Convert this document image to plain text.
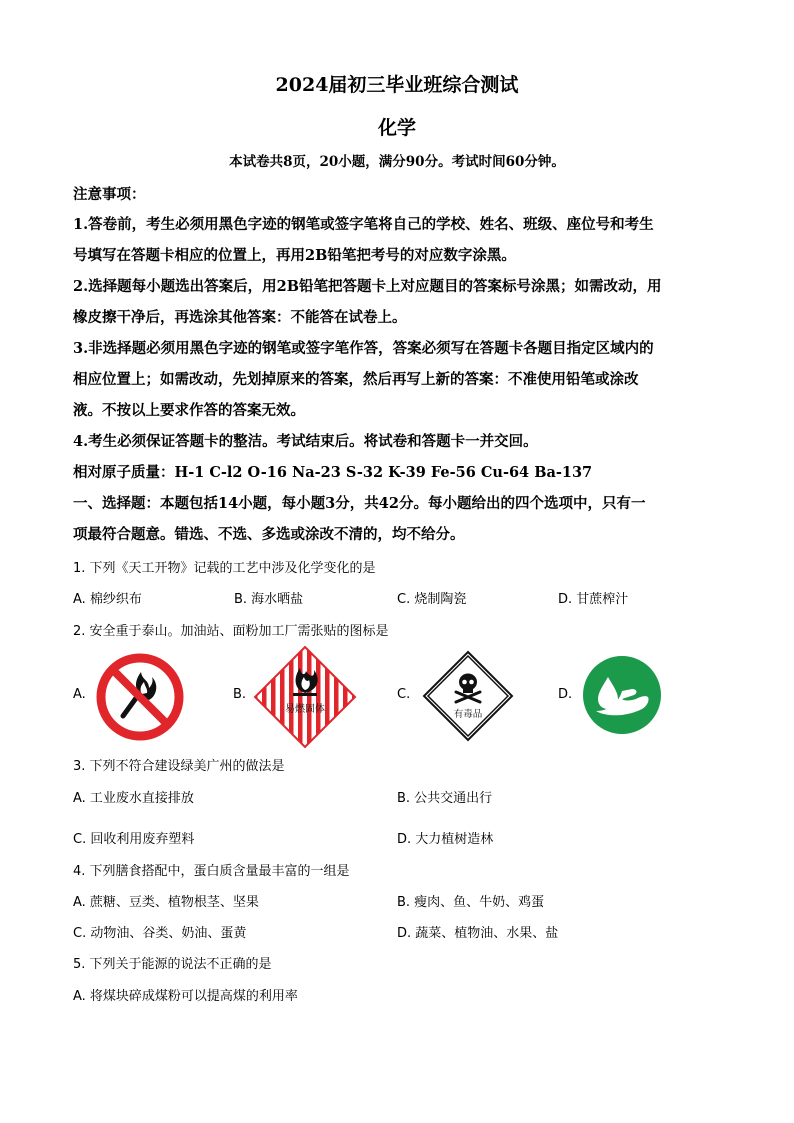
2024届初三毕业班综合测试
化学
本试卷共8页，20小题，满分90分。考试时间60分钟。
注意事项：
1.答卷前，考生必须用黑色字迹的钢笔或签字笔将自己的学校、姓名、班级、座位号和考生
号填写在答题卡相应的位置上，再用2B铅笔把考号的对应数字涂黑。
2.选择题每小题选出答案后，用2B铅笔把答题卡上对应题目的答案标号涂黑；如需改动，用
橡皮擦干净后，再选涂其他答案：不能答在试卷上。
3.非选择题必须用黑色字迹的钢笔或签字笔作答，答案必须写在答题卡各题目指定区域内的
相应位置上；如需改动，先划掉原来的答案，然后再写上新的答案：不准使用铅笔或涂改
液。不按以上要求作答的答案无效。
4.考生必须保证答题卡的整洁。考试结束后。将试卷和答题卡一并交回。
相对原子质量：H-1 C-l2 O-16 Na-23 S-32 K-39 Fe-56 Cu-64 Ba-137
一、选择题：本题包括14小题，每小题3分，共42分。每小题给出的四个选项中，只有一
项最符合题意。错选、不选、多选或涂改不清的，均不给分。
1. 下列《天工开物》记载的工艺中涉及化学变化的是
A. 棉纱织布	B. 海水晒盐	C. 烧制陶瓷	D. 甘蔗榨汁
2. 安全重于泰山。加油站、面粉加工厂需张贴的图标是
A.	B.
易燃固体
C.
有毒品
D.
3. 下列不符合建设绿美广州的做法是
A. 工业废水直接排放	B. 公共交通出行
C. 回收利用废弃塑料	D. 大力植树造林
4. 下列膳食搭配中，蛋白质含量最丰富的一组是
A. 蔗糖、豆类、植物根茎、坚果	B. 瘦肉、鱼、牛奶、鸡蛋
C. 动物油、谷类、奶油、蛋黄	D. 蔬菜、植物油、水果、盐
5. 下列关于能源的说法不正确的是
A. 将煤块碎成煤粉可以提高煤的利用率
